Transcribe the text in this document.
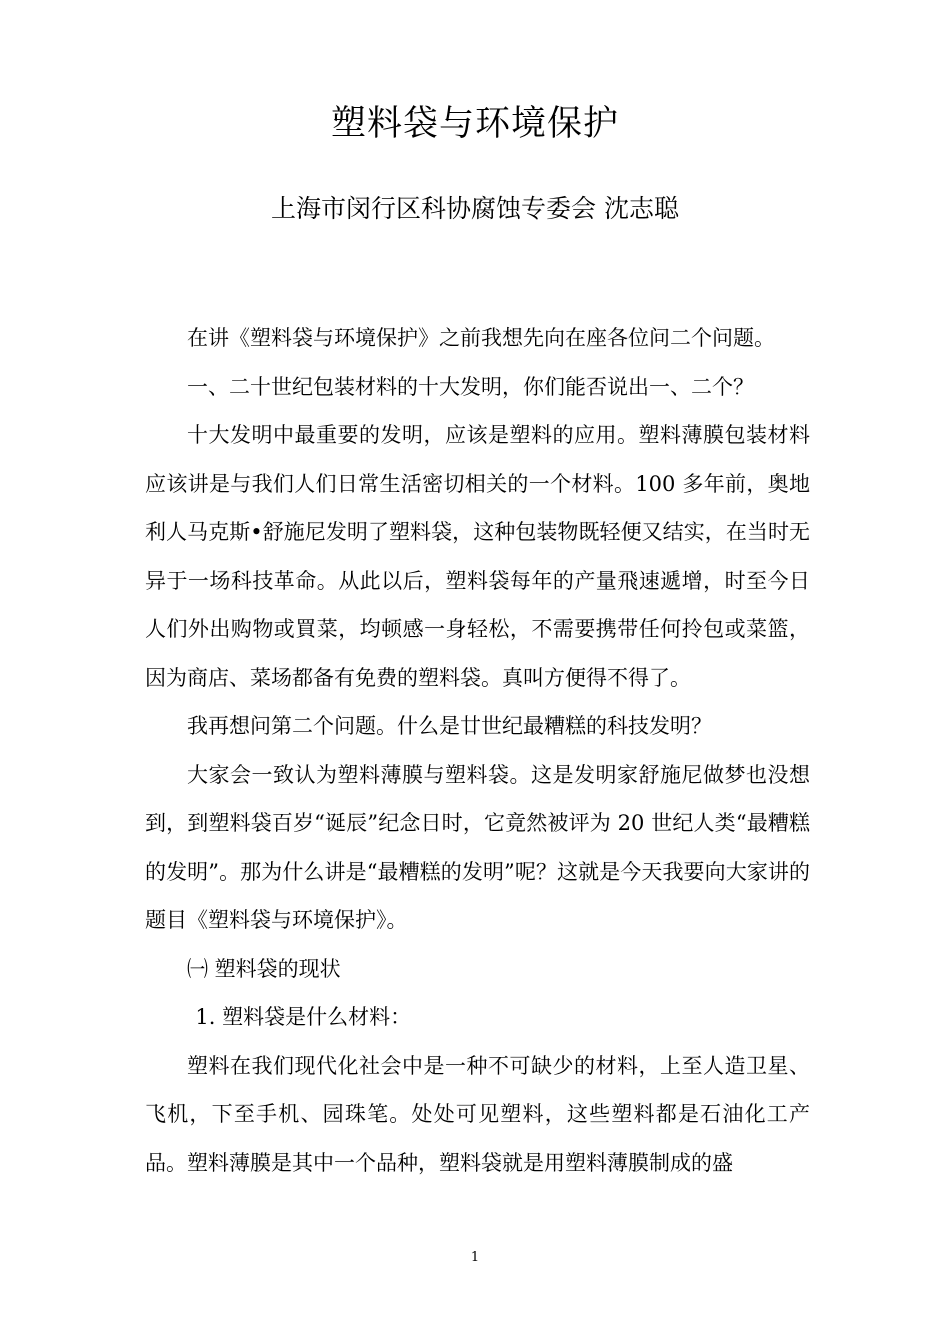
塑料袋与环境保护
上海市闵行区科协腐蚀专委会 沈志聪

在讲《塑料袋与环境保护》之前我想先向在座各位问二个问题。

一、二十世纪包装材料的十大发明，你们能否说出一、二个？

十大发明中最重要的发明，应该是塑料的应用。塑料薄膜包装材料应该讲是与我们人们日常生活密切相关的一个材料。100 多年前，奥地利人马克斯•舒施尼发明了塑料袋，这种包装物既轻便又结实，在当时无异于一场科技革命。从此以后，塑料袋每年的产量飛速遞增，时至今日人们外出购物或買菜，均顿感一身轻松，不需要携带任何拎包或菜篮，因为商店、菜场都备有免费的塑料袋。真叫方便得不得了。

我再想问第二个问题。什么是廿世纪最糟糕的科技发明？

大家会一致认为塑料薄膜与塑料袋。这是发明家舒施尼做梦也没想到，到塑料袋百岁“诞辰”纪念日时，它竟然被评为 20 世纪人类“最糟糕的发明”。那为什么讲是“最糟糕的发明”呢？这就是今天我要向大家讲的题目《塑料袋与环境保护》。

㈠ 塑料袋的现状

1. 塑料袋是什么材料：

塑料在我们现代化社会中是一种不可缺少的材料，上至人造卫星、飞机，下至手机、园珠笔。处处可见塑料，这些塑料都是石油化工产品。塑料薄膜是其中一个品种，塑料袋就是用塑料薄膜制成的盛

1
